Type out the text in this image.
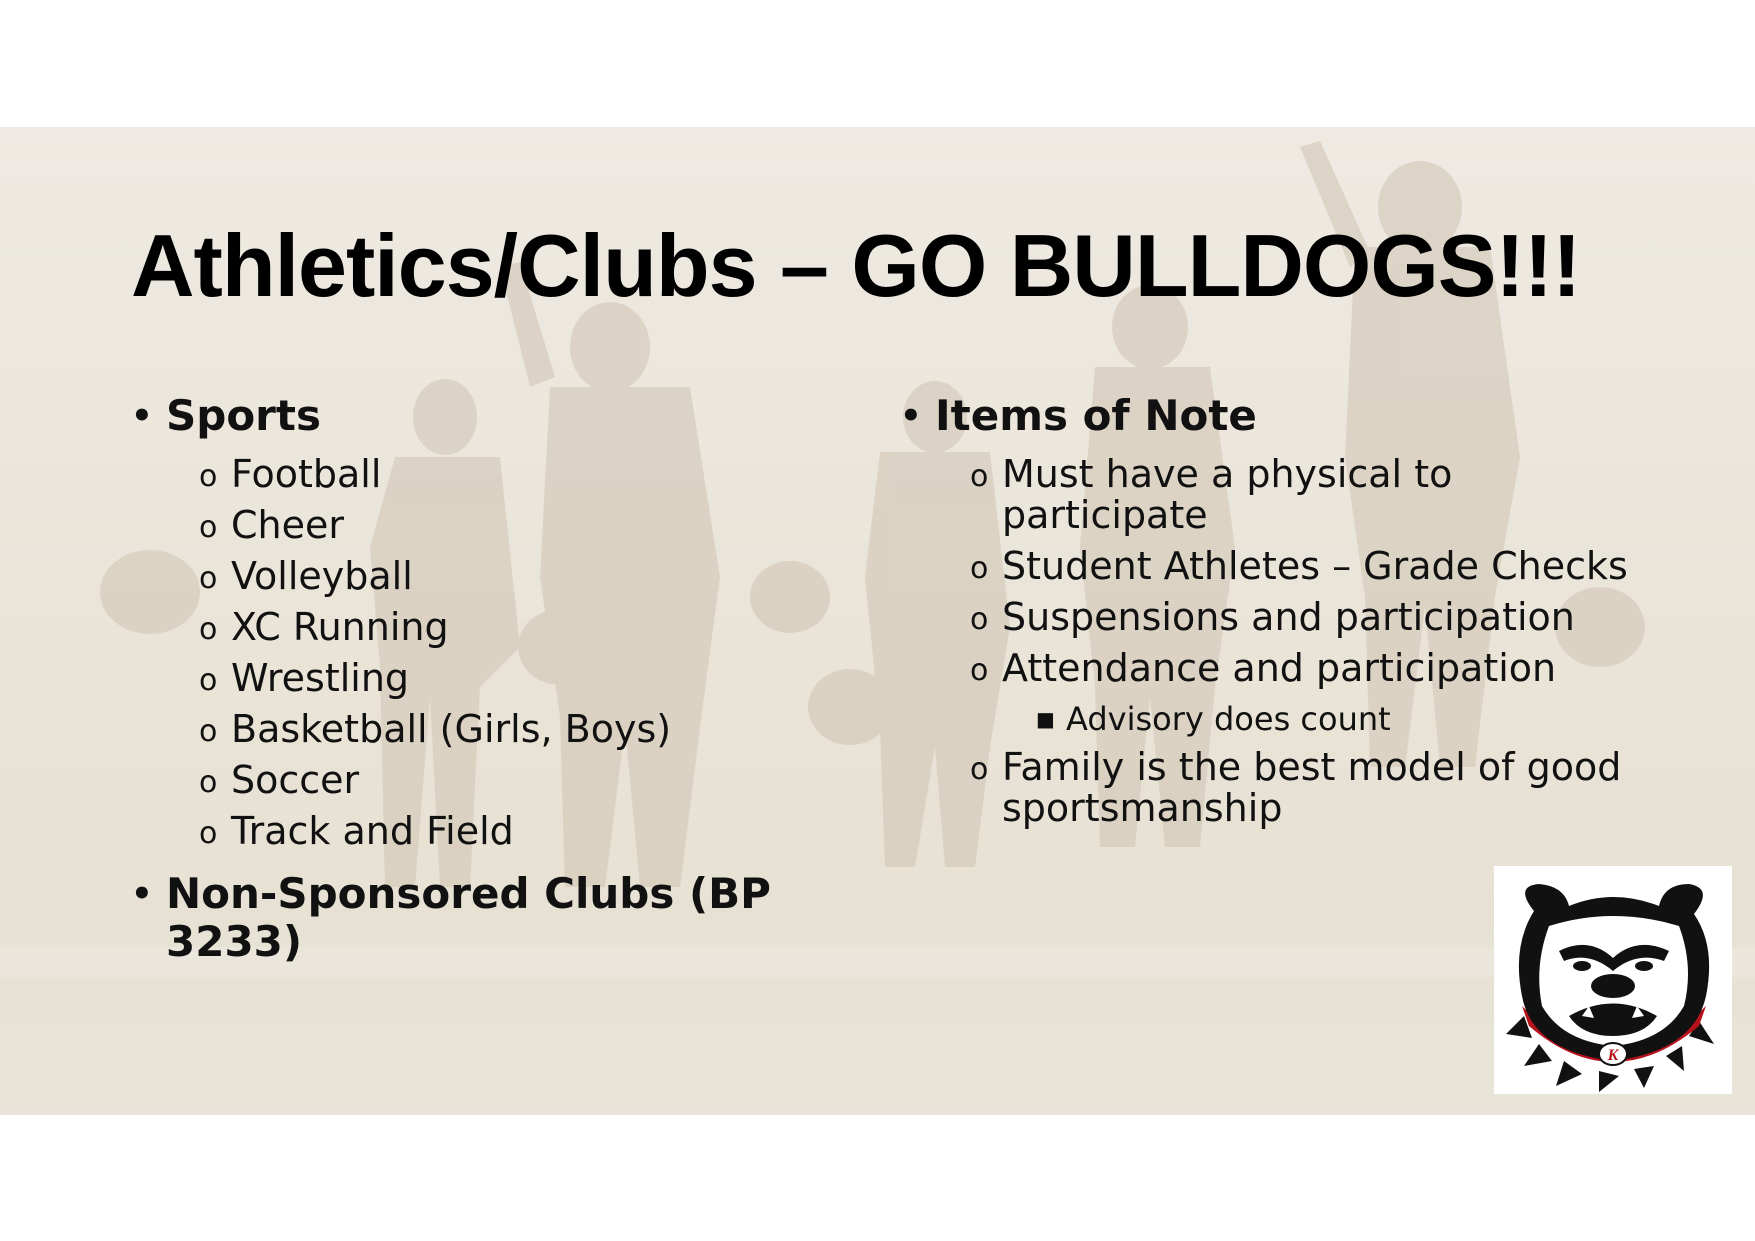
Athletics/Clubs – GO BULLDOGS!!!
• Sports
o Football
o Cheer
o Volleyball
o XC Running
o Wrestling
o Basketball (Girls, Boys)
o Soccer
o Track and Field
• Non-Sponsored Clubs (BP
3233)
• Items of Note
o Must have a physical to
participate
o Student Athletes – Grade Checks
o Suspensions and participation
o Attendance and participation
■ Advisory does count
o Family is the best model of good
sportsmanship
K
